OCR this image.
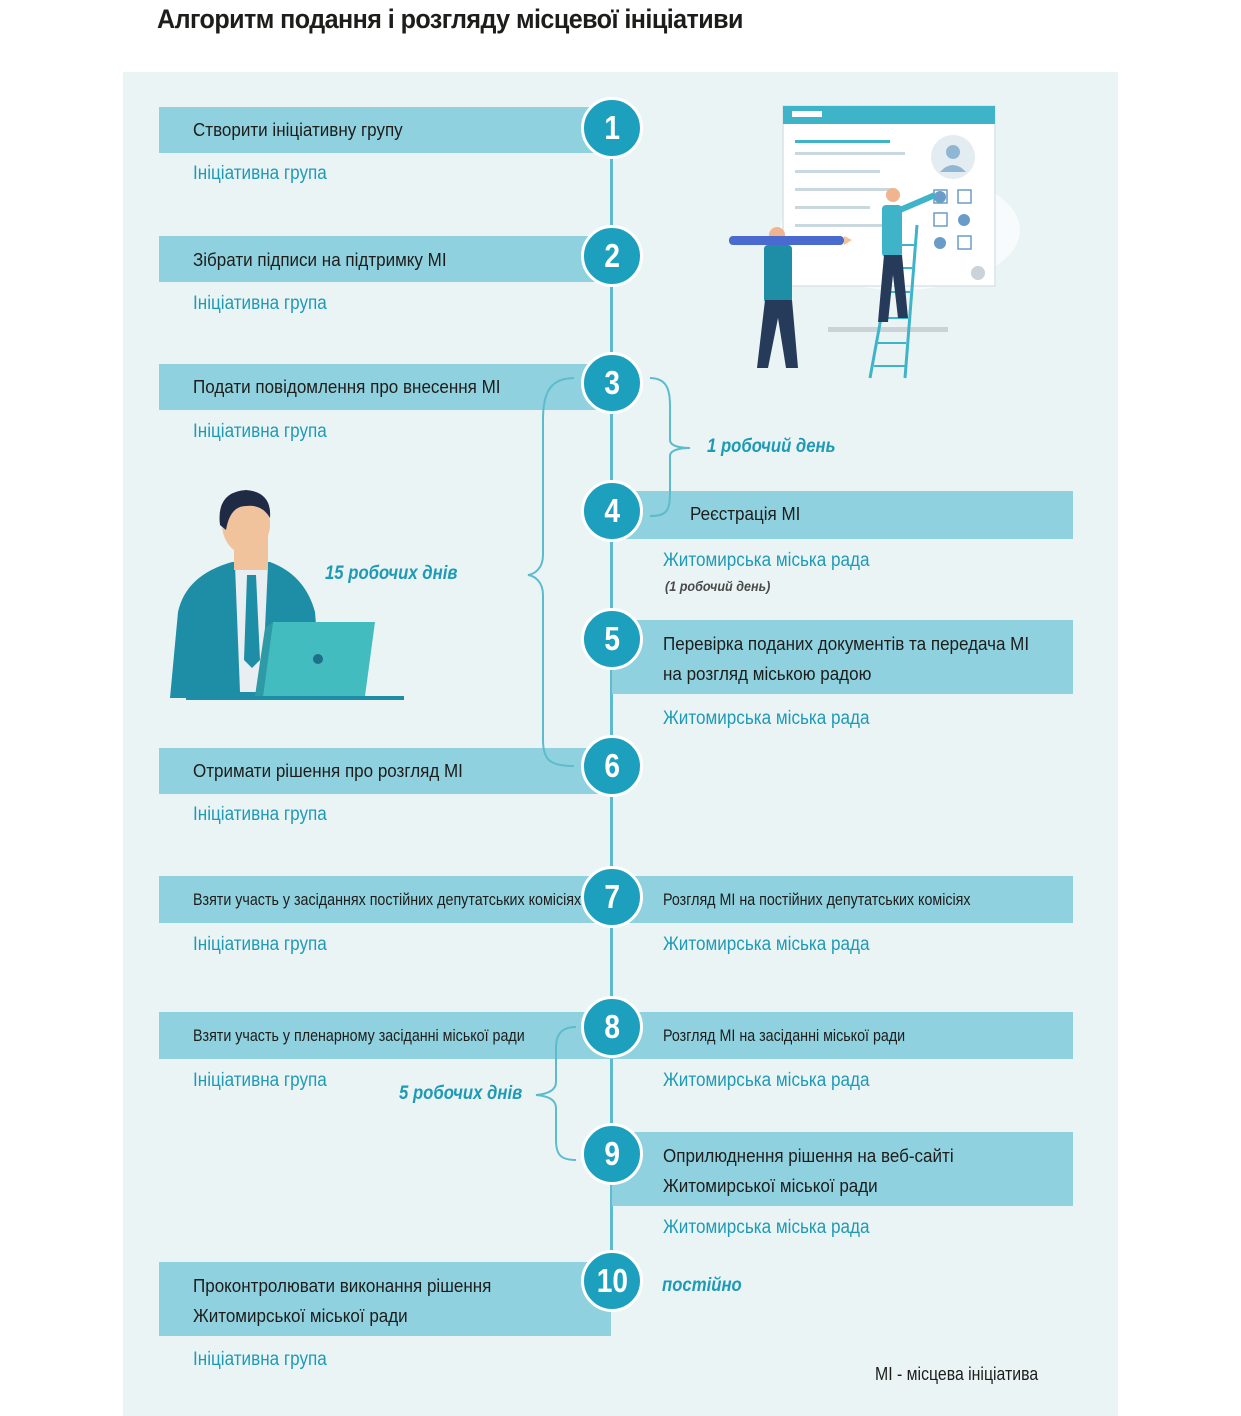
Алгоритм подання і розгляду місцевої ініціативи
Створити ініціативну групу
Зібрати підписи на підтримку МІ
Подати повідомлення про внесення МІ
Реєстрація МІ
Перевірка поданих документів та передача МІ
на розгляд міською радою
Отримати рішення про розгляд МІ
Взяти участь у засіданнях постійних депутатських комісіях	Розгляд МІ на постійних депутатських комісіях
Взяти участь у пленарному засіданні міської ради	Розгляд МІ на засіданні міської ради
Оприлюднення рішення на веб-сайті
Житомирської міської ради
Проконтролювати виконання рішення
Житомирської міської ради
Ініціативна група
Ініціативна група
Ініціативна група
Житомирська міська рада
(1 робочий день)
Житомирська міська рада
Ініціативна група
Ініціативна група	Житомирська міська рада
Ініціативна група	Житомирська міська рада
Житомирська міська рада
Ініціативна група
1 робочий день
15 робочих днів
5 робочих днів
постійно
1
2
3
4
5
6
7
8
9
10
МІ - місцева ініціатива
